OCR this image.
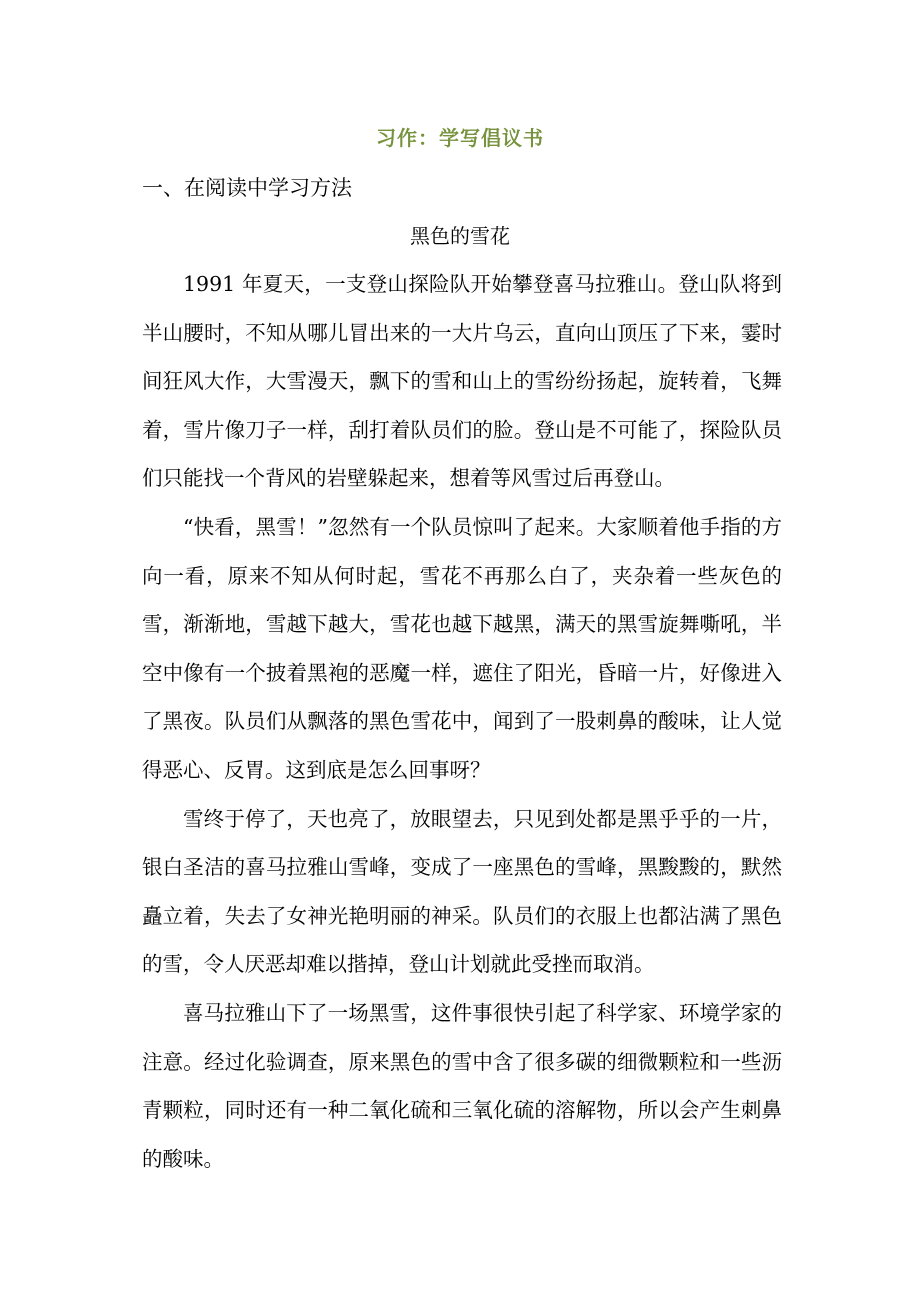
习作：学写倡议书
一、在阅读中学习方法
黑色的雪花

1991 年夏天，一支登山探险队开始攀登喜马拉雅山。登山队将到半山腰时，不知从哪儿冒出来的一大片乌云，直向山顶压了下来，霎时间狂风大作，大雪漫天，飘下的雪和山上的雪纷纷扬起，旋转着，飞舞着，雪片像刀子一样，刮打着队员们的脸。登山是不可能了，探险队员们只能找一个背风的岩壁躲起来，想着等风雪过后再登山。

“快看，黑雪！”忽然有一个队员惊叫了起来。大家顺着他手指的方向一看，原来不知从何时起，雪花不再那么白了，夹杂着一些灰色的雪，渐渐地，雪越下越大，雪花也越下越黑，满天的黑雪旋舞嘶吼，半空中像有一个披着黑袍的恶魔一样，遮住了阳光，昏暗一片，好像进入了黑夜。队员们从飘落的黑色雪花中，闻到了一股刺鼻的酸味，让人觉得恶心、反胃。这到底是怎么回事呀？

雪终于停了，天也亮了，放眼望去，只见到处都是黑乎乎的一片，银白圣洁的喜马拉雅山雪峰，变成了一座黑色的雪峰，黑黢黢的，默然矗立着，失去了女神光艳明丽的神采。队员们的衣服上也都沾满了黑色的雪，令人厌恶却难以揩掉，登山计划就此受挫而取消。

喜马拉雅山下了一场黑雪，这件事很快引起了科学家、环境学家的注意。经过化验调查，原来黑色的雪中含了很多碳的细微颗粒和一些沥青颗粒，同时还有一种二氧化硫和三氧化硫的溶解物，所以会产生刺鼻的酸味。
